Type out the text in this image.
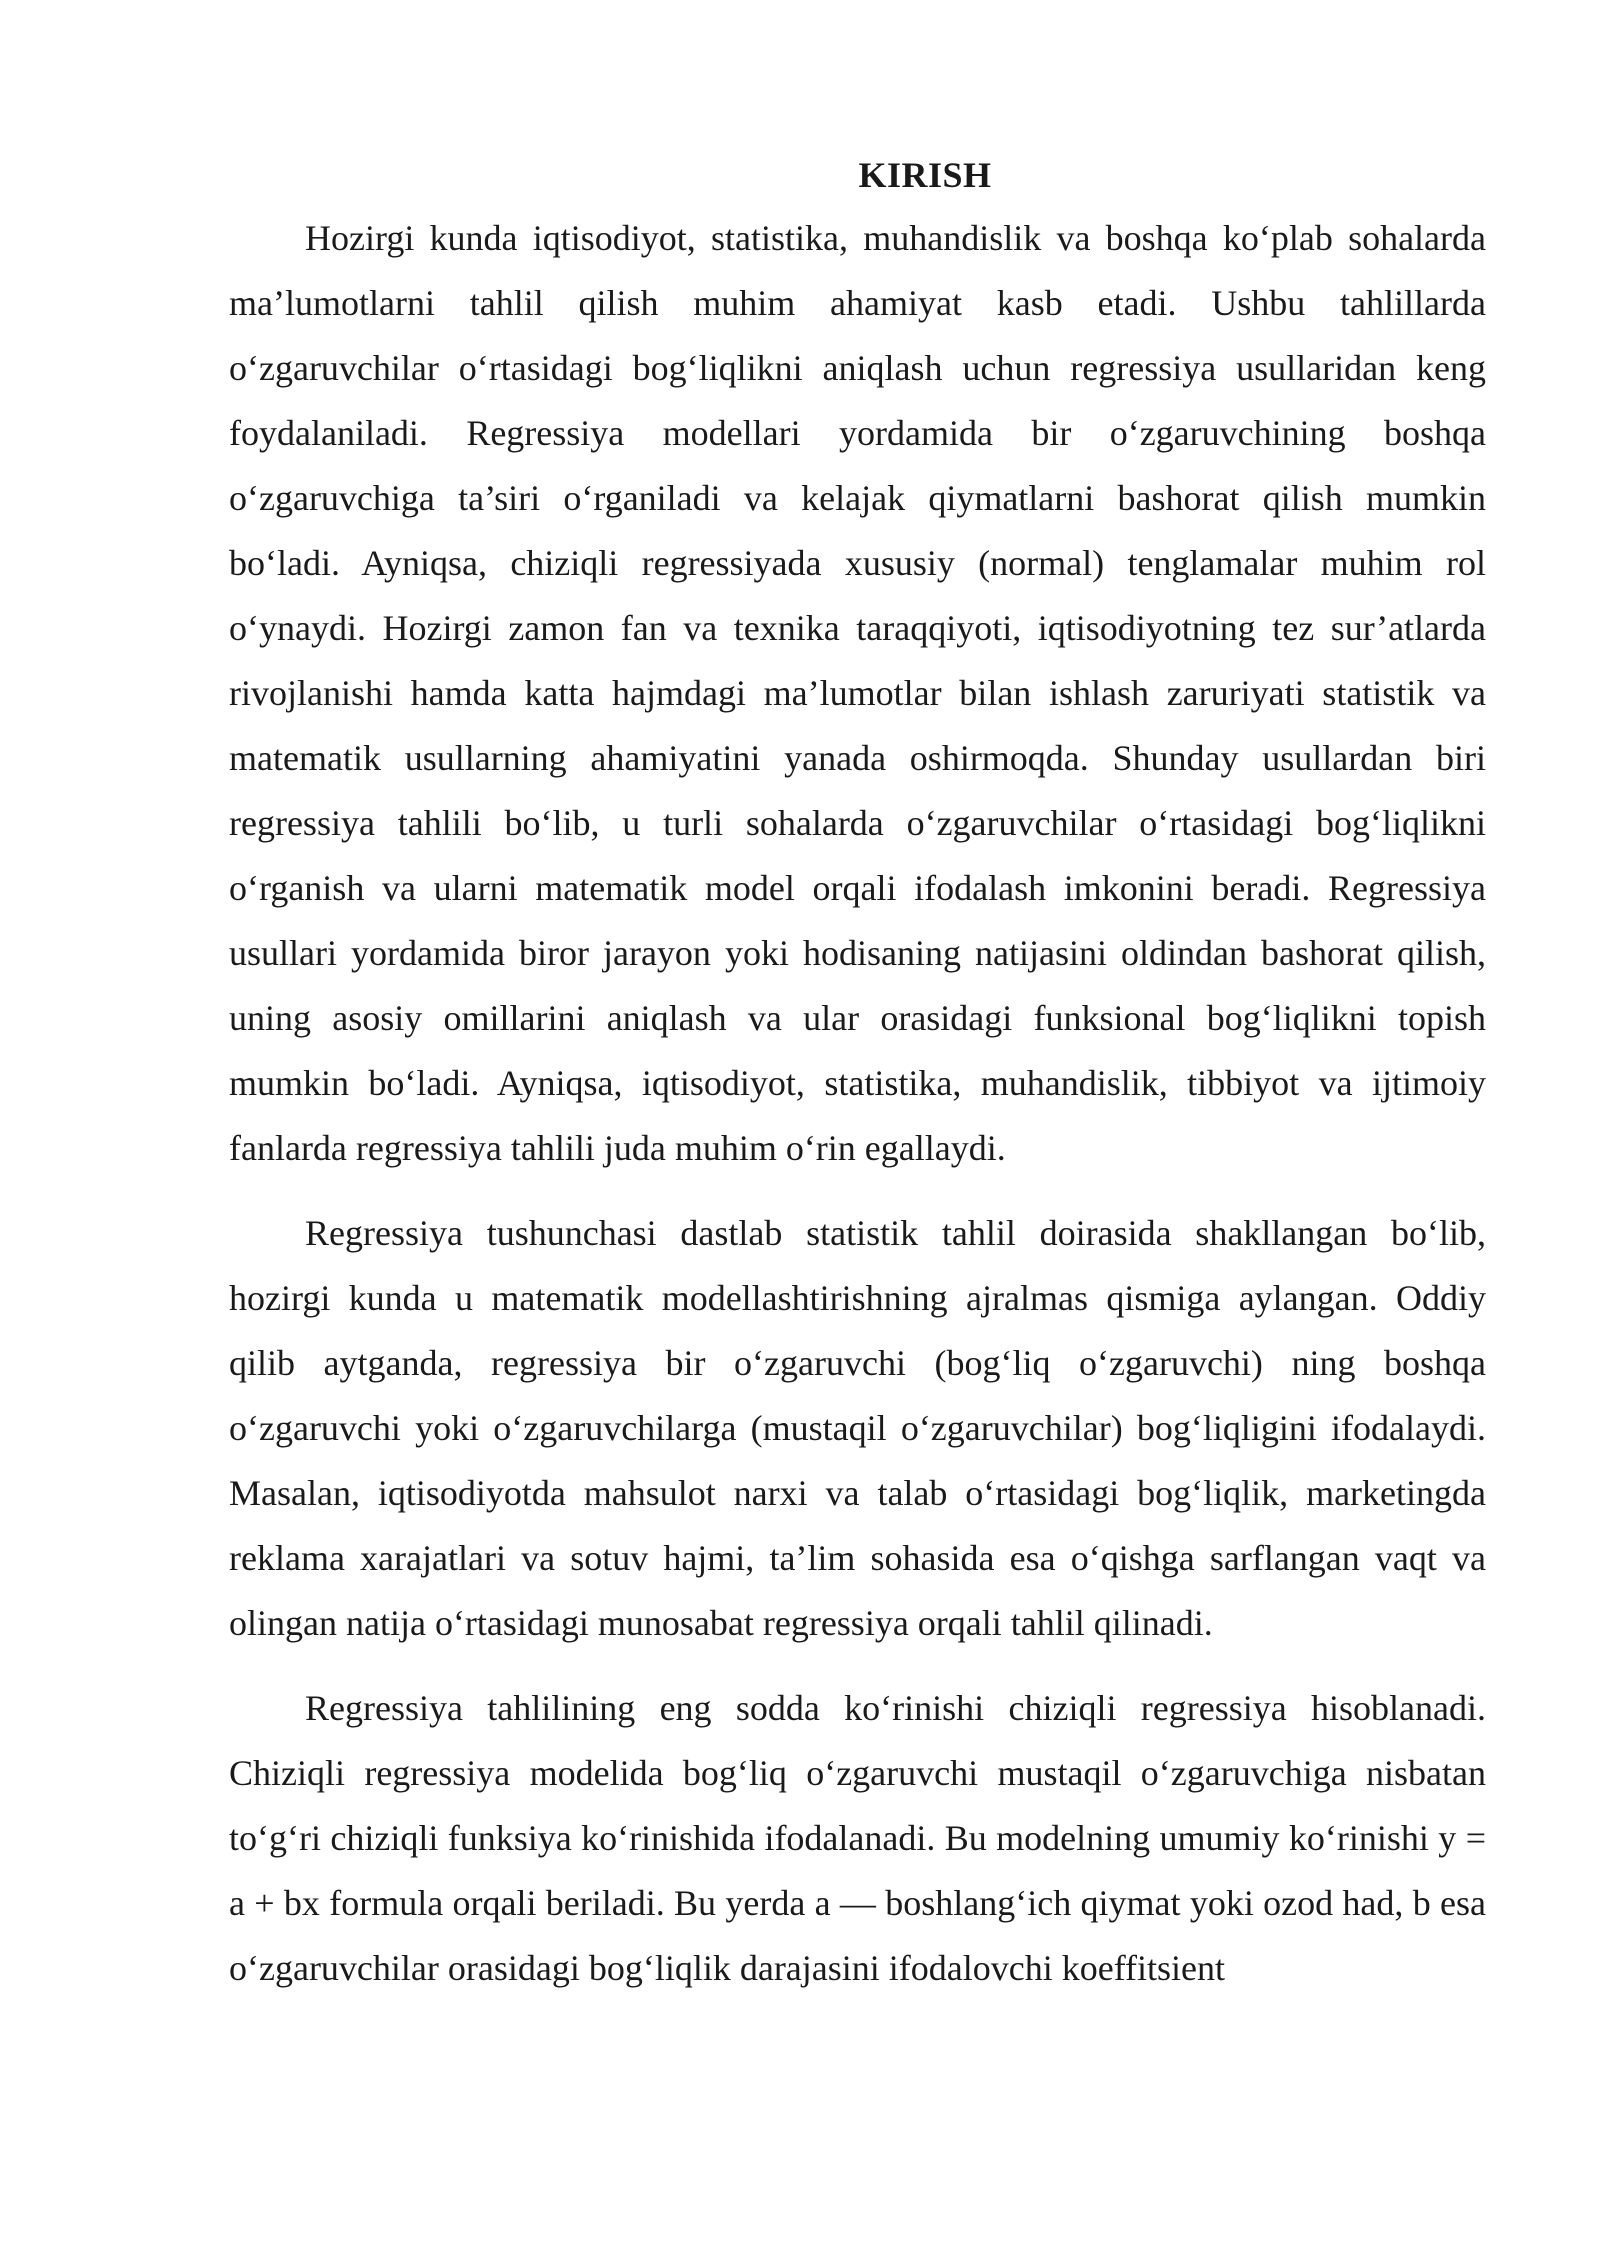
KIRISH

Hozirgi kunda iqtisodiyot, statistika, muhandislik va boshqa ko‘plab sohalarda ma’lumotlarni tahlil qilish muhim ahamiyat kasb etadi. Ushbu tahlillarda o‘zgaruvchilar o‘rtasidagi bog‘liqlikni aniqlash uchun regressiya usullaridan keng foydalaniladi. Regressiya modellari yordamida bir o‘zgaruvchining boshqa o‘zgaruvchiga ta’siri o‘rganiladi va kelajak qiymatlarni bashorat qilish mumkin bo‘ladi. Ayniqsa, chiziqli regressiyada xususiy (normal) tenglamalar muhim rol o‘ynaydi. Hozirgi zamon fan va texnika taraqqiyoti, iqtisodiyotning tez sur’atlarda rivojlanishi hamda katta hajmdagi ma’lumotlar bilan ishlash zaruriyati statistik va matematik usullarning ahamiyatini yanada oshirmoqda. Shunday usullardan biri regressiya tahlili bo‘lib, u turli sohalarda o‘zgaruvchilar o‘rtasidagi bog‘liqlikni o‘rganish va ularni matematik model orqali ifodalash imkonini beradi. Regressiya usullari yordamida biror jarayon yoki hodisaning natijasini oldindan bashorat qilish, uning asosiy omillarini aniqlash va ular orasidagi funksional bog‘liqlikni topish mumkin bo‘ladi. Ayniqsa, iqtisodiyot, statistika, muhandislik, tibbiyot va ijtimoiy fanlarda regressiya tahlili juda muhim o‘rin egallaydi.

Regressiya tushunchasi dastlab statistik tahlil doirasida shakllangan bo‘lib, hozirgi kunda u matematik modellashtirishning ajralmas qismiga aylangan. Oddiy qilib aytganda, regressiya bir o‘zgaruvchi (bog‘liq o‘zgaruvchi) ning boshqa o‘zgaruvchi yoki o‘zgaruvchilarga (mustaqil o‘zgaruvchilar) bog‘liqligini ifodalaydi. Masalan, iqtisodiyotda mahsulot narxi va talab o‘rtasidagi bog‘liqlik, marketingda reklama xarajatlari va sotuv hajmi, ta’lim sohasida esa o‘qishga sarflangan vaqt va olingan natija o‘rtasidagi munosabat regressiya orqali tahlil qilinadi.

Regressiya tahlilining eng sodda ko‘rinishi chiziqli regressiya hisoblanadi. Chiziqli regressiya modelida bog‘liq o‘zgaruvchi mustaqil o‘zgaruvchiga nisbatan to‘g‘ri chiziqli funksiya ko‘rinishida ifodalanadi. Bu modelning umumiy ko‘rinishi y = a + bx formula orqali beriladi. Bu yerda a — boshlang‘ich qiymat yoki ozod had, b esa o‘zgaruvchilar orasidagi bog‘liqlik darajasini ifodalovchi koeffitsient
